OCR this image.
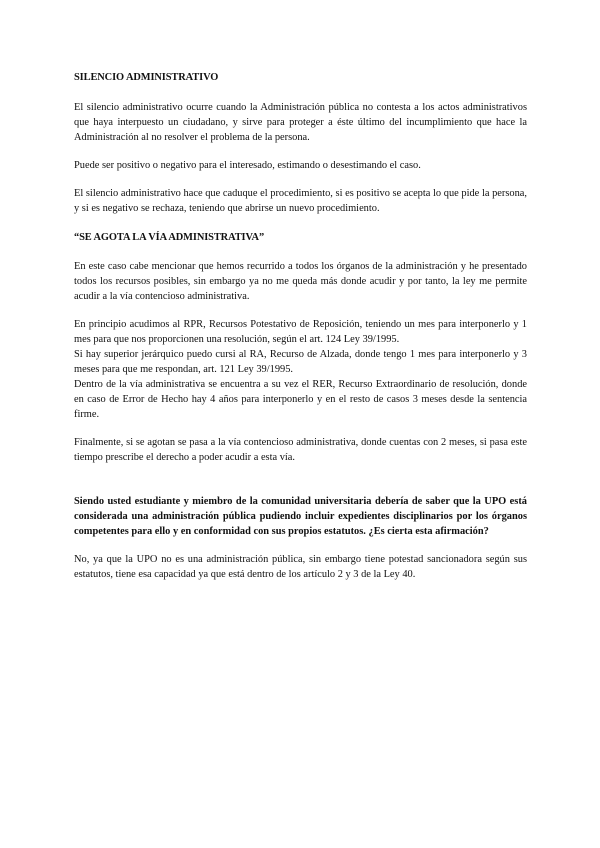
SILENCIO ADMINISTRATIVO

El silencio administrativo ocurre cuando la Administración pública no contesta a los actos administrativos que haya interpuesto un ciudadano, y sirve para proteger a éste último del incumplimiento que hace la Administración al no resolver el problema de la persona.

Puede ser positivo o negativo para el interesado, estimando o desestimando el caso.

El silencio administrativo hace que caduque el procedimiento, si es positivo se acepta lo que pide la persona, y si es negativo se rechaza, teniendo que abrirse un nuevo procedimiento.

“SE AGOTA LA VÍA ADMINISTRATIVA”

En este caso cabe mencionar que hemos recurrido a todos los órganos de la administración y he presentado todos los recursos posibles, sin embargo ya no me queda más donde acudir y por tanto, la ley me permite acudir a la vía contencioso administrativa.

En principio acudimos al RPR, Recursos Potestativo de Reposición, teniendo un mes para interponerlo y 1 mes para que nos proporcionen una resolución, según el art. 124 Ley 39/1995.

Si hay superior jerárquico puedo cursi al RA, Recurso de Alzada, donde tengo 1 mes para interponerlo y 3 meses para que me respondan, art. 121 Ley 39/1995.

Dentro de la vía administrativa se encuentra a su vez el RER, Recurso Extraordinario de resolución, donde en caso de Error de Hecho hay 4 años para interponerlo y en el resto de casos 3 meses desde la sentencia firme.

Finalmente, si se agotan se pasa a la vía contencioso administrativa, donde cuentas con 2 meses, si pasa este tiempo prescribe el derecho a poder acudir a esta vía.

Siendo usted estudiante y miembro de la comunidad universitaria debería de saber que la UPO está considerada una administración pública pudiendo incluir expedientes disciplinarios por los órganos competentes para ello y en conformidad con sus propios estatutos. ¿Es cierta esta afirmación?

No, ya que la UPO no es una administración pública, sin embargo tiene potestad sancionadora según sus estatutos, tiene esa capacidad ya que está dentro de los artículo 2 y 3 de la Ley 40.
